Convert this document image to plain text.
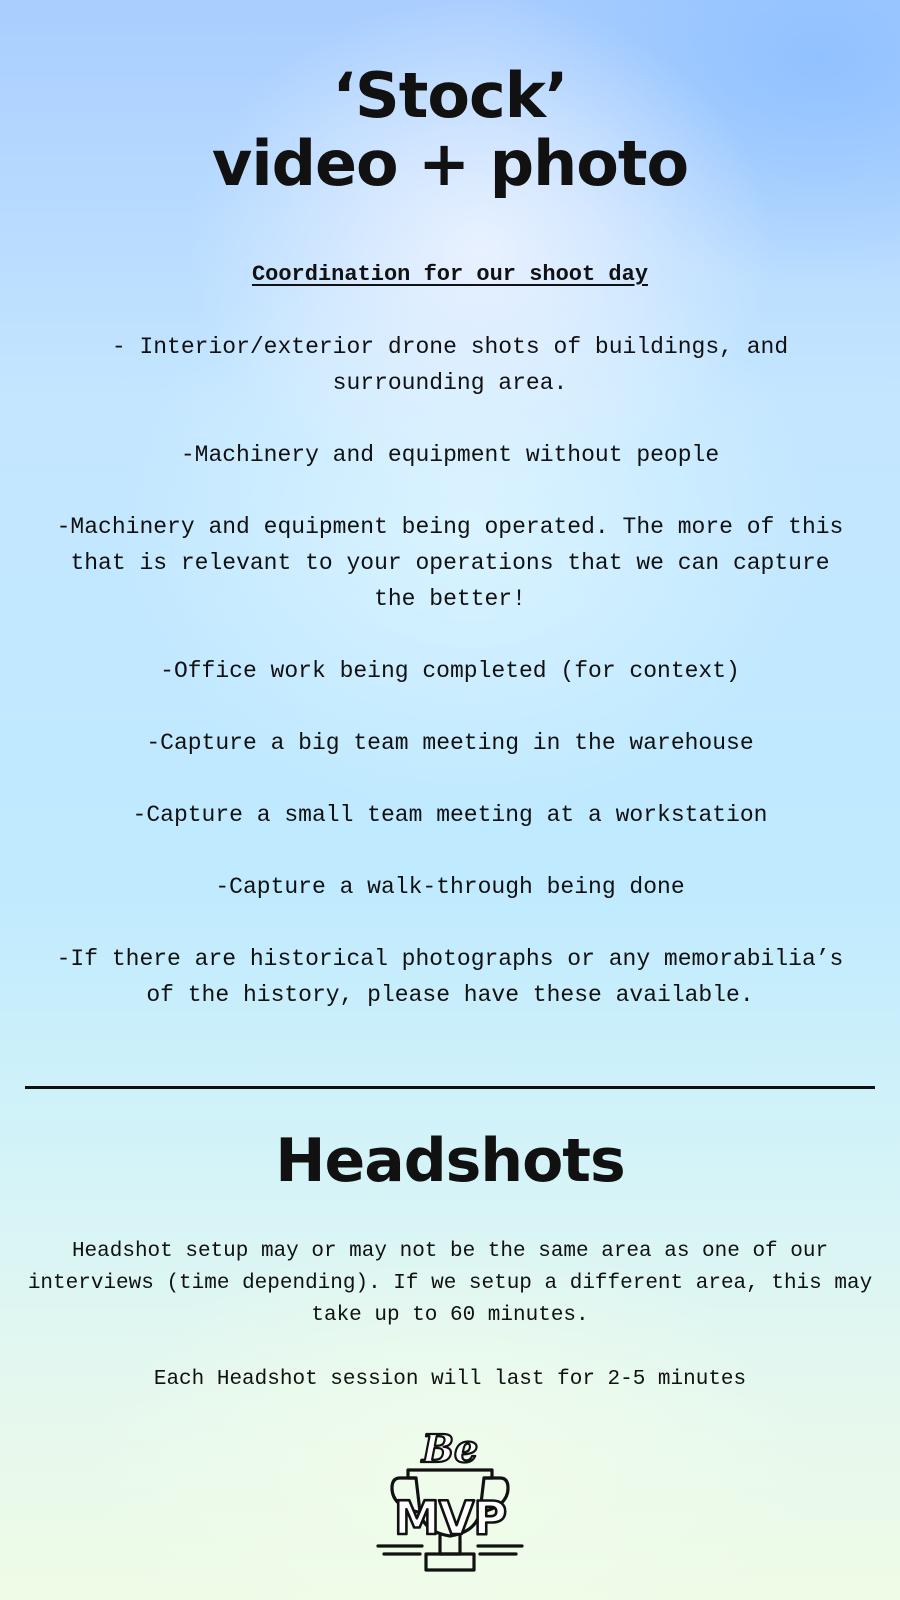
‘Stock’
video + photo
Coordination for our shoot day
- Interior/exterior drone shots of buildings, and surrounding area.
-Machinery and equipment without people
-Machinery and equipment being operated. The more of this that is relevant to your operations that we can capture the better!
-Office work being completed (for context)
-Capture a big team meeting in the warehouse
-Capture a small team meeting at a workstation
-Capture a walk-through being done
-If there are historical photographs or any memorabilia’s of the history, please have these available.
Headshots

Headshot setup may or may not be the same area as one of our interviews (time depending). If we setup a different area, this may take up to 60 minutes.

Each Headshot session will last for 2-5 minutes

Be
MVP
